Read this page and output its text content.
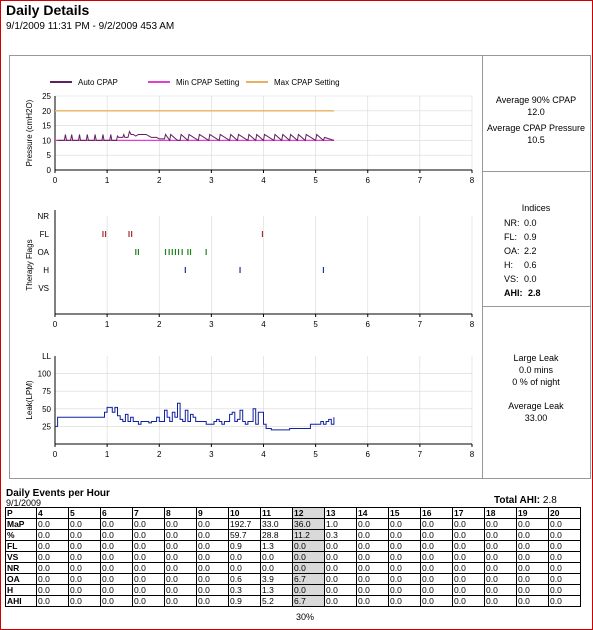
Daily Details
9/1/2009 11:31 PM - 9/2/2009 453 AM
0
5
10
15
20
25
0	1	2	3	4	5	6	7	8
Pressure (cmH2O)
Auto CPAP	Min CPAP Setting	Max CPAP Setting
NR
FL
OA
H
VS
0	1	2	3	4	5	6	7	8
Therapy Flags
25
50
75
100
LL
0	1	2	3	4	5	6	7	8
Leak(LPM)
Average 90% CPAP
12.0
Average CPAP Pressure
10.5
Indices
NR: 0.0
FL: 0.9
OA: 2.2
H: 0.6
VS: 0.0
AHI: 2.8
Large Leak
0.0 mins
0 % of night
Average Leak
33.00
Daily Events per Hour
9/1/2009	Total AHI: 2.8
P	4	5	6	7	8	9	10	11	12	13	14	15	16	17	18	19	20
MaP	0.0	0.0	0.0	0.0	0.0	0.0	192.7	33.0	36.0	1.0	0.0	0.0	0.0	0.0	0.0	0.0	0.0
%	0.0	0.0	0.0	0.0	0.0	0.0	59.7	28.8	11.2	0.3	0.0	0.0	0.0	0.0	0.0	0.0	0.0
FL	0.0	0.0	0.0	0.0	0.0	0.0	0.9	1.3	0.0	0.0	0.0	0.0	0.0	0.0	0.0	0.0	0.0
VS	0.0	0.0	0.0	0.0	0.0	0.0	0.0	0.0	0.0	0.0	0.0	0.0	0.0	0.0	0.0	0.0	0.0
NR	0.0	0.0	0.0	0.0	0.0	0.0	0.0	0.0	0.0	0.0	0.0	0.0	0.0	0.0	0.0	0.0	0.0
OA	0.0	0.0	0.0	0.0	0.0	0.0	0.6	3.9	6.7	0.0	0.0	0.0	0.0	0.0	0.0	0.0	0.0
H	0.0	0.0	0.0	0.0	0.0	0.0	0.3	1.3	0.0	0.0	0.0	0.0	0.0	0.0	0.0	0.0	0.0
AHI	0.0	0.0	0.0	0.0	0.0	0.0	0.9	5.2	6.7	0.0	0.0	0.0	0.0	0.0	0.0	0.0	0.0
30%
